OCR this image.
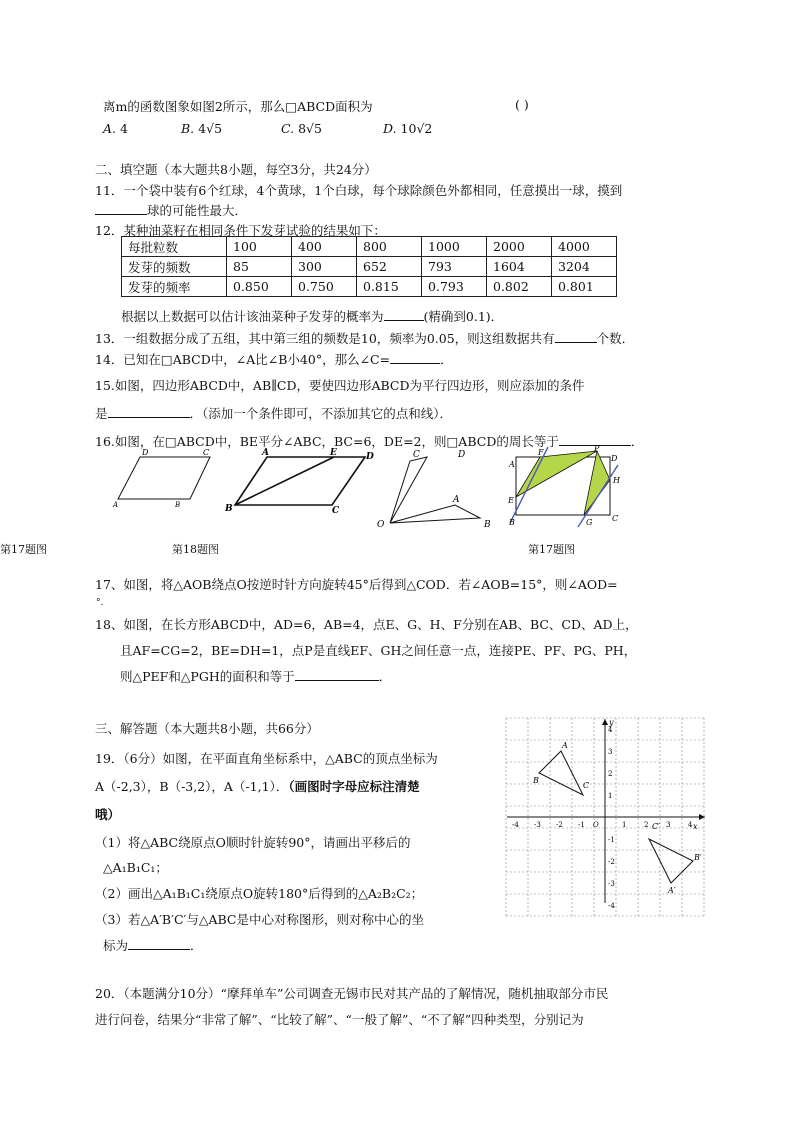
离m的函数图象如图2所示，那么□ABCD面积为	( )
A. 4	B. 4√5	C. 8√5	D. 10√2
二、填空题（本大题共8小题，每空3分，共24分）
11．一个袋中装有6个红球，4个黄球，1个白球，每个球除颜色外都相同，任意摸出一球，摸到
球的可能性最大．
12．某种油菜籽在相同条件下发芽试验的结果如下：
每批粒数	100	400	800	1000	2000	4000
发芽的频数	85	300	652	793	1604	3204
发芽的频率	0.850	0.750	0.815	0.793	0.802	0.801
根据以上数据可以估计该油菜种子发芽的概率为	(精确到0.1)．
13．一组数据分成了五组，其中第三组的频数是10，频率为0.05，则这组数据共有	个数．
14．已知在□ABCD中，∠A比∠B小40°，那么∠C=	．
15.如图，四边形ABCD中，AB∥CD，要使四边形ABCD为平行四边形，则应添加的条件
是	．（添加一个条件即可，不添加其它的点和线）．
16.如图，在□ABCD中，BE平分∠ABC，BC=6，DE=2，则□ABCD的周长等于	．
D	C
A	B
A	E	D
B	C
C	D
A
O	B
A
F	P
D
H
E
B	G C
第17题图	第18题图	第17题图
17、如图，将△AOB绕点O按逆时针方向旋转45°后得到△COD．若∠AOB=15°，则∠AOD=
°．
18、如图，在长方形ABCD中，AD=6，AB=4，点E、G、H、F分别在AB、BC、CD、AD上，
且AF=CG=2，BE=DH=1，点P是直线EF、GH之间任意一点，连接PE、PF、PG、PH，
则△PEF和△PGH的面积和等于	．
三、解答题（本大题共8小题，共66分）
19．（6分）如图，在平面直角坐标系中，△ABC的顶点坐标为
A（-2,3），B（-3,2），A（-1,1）．（画图时字母应标注清楚
哦）
（1）将△ABC绕原点O顺时针旋转90°，请画出平移后的
△A₁B₁C₁；
（2）画出△A₁B₁C₁绕原点O旋转180°后得到的△A₂B₂C₂；
（3）若△A′B′C′与△ABC是中心对称图形，则对称中心的坐
标为	．
x
y
-4 -3 -2 -1 O	1	2	3	4
4
3
2
1
-1
-2
-3
-4
A
B
C
C′
B′
A′
20．（本题满分10分）“摩拜单车”公司调查无锡市民对其产品的了解情况，随机抽取部分市民
进行问卷，结果分“非常了解”、“比较了解”、“一般了解”、“不了解”四种类型，分别记为
